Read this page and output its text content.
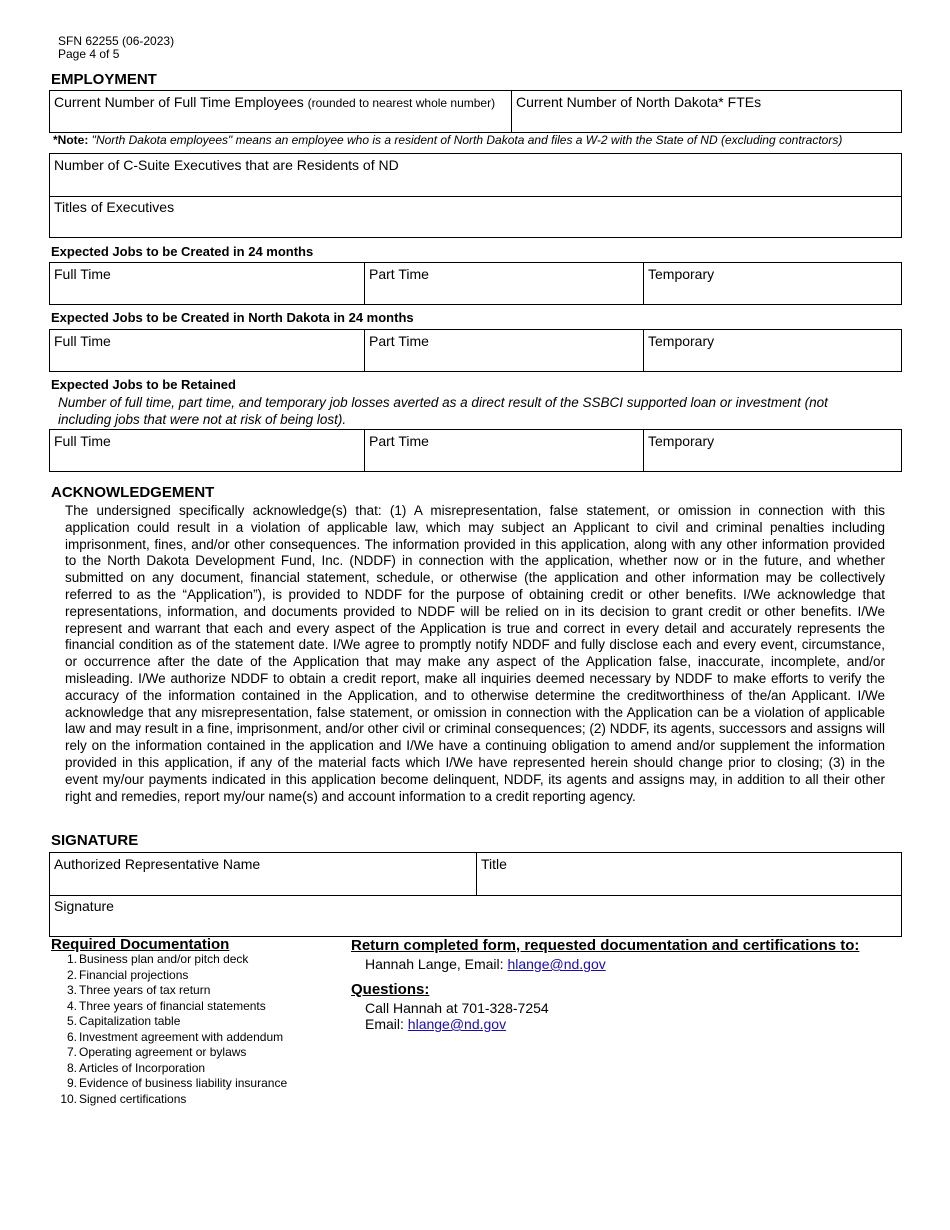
SFN 62255 (06-2023)
Page 4 of 5
EMPLOYMENT
Current Number of Full Time Employees (rounded to nearest whole number)	Current Number of North Dakota* FTEs
*Note: "North Dakota employees" means an employee who is a resident of North Dakota and files a W-2 with the State of ND (excluding contractors)
Number of C-Suite Executives that are Residents of ND
Titles of Executives
Expected Jobs to be Created in 24 months
Full Time	Part Time	Temporary
Expected Jobs to be Created in North Dakota in 24 months
Full Time	Part Time	Temporary
Expected Jobs to be Retained
Number of full time, part time, and temporary job losses averted as a direct result of the SSBCI supported loan or investment (not including jobs that were not at risk of being lost).
Full Time	Part Time	Temporary
ACKNOWLEDGEMENT
The undersigned specifically acknowledge(s) that: (1) A misrepresentation, false statement, or omission in connection with this application could result in a violation of applicable law, which may subject an Applicant to civil and criminal penalties including imprisonment, fines, and/or other consequences. The information provided in this application, along with any other information provided to the North Dakota Development Fund, Inc. (NDDF) in connection with the application, whether now or in the future, and whether submitted on any document, financial statement, schedule, or otherwise (the application and other information may be collectively referred to as the “Application”), is provided to NDDF for the purpose of obtaining credit or other benefits. I/We acknowledge that representations, information, and documents provided to NDDF will be relied on in its decision to grant credit or other benefits. I/We represent and warrant that each and every aspect of the Application is true and correct in every detail and accurately represents the financial condition as of the statement date. I/We agree to promptly notify NDDF and fully disclose each and every event, circumstance, or occurrence after the date of the Application that may make any aspect of the Application false, inaccurate, incomplete, and/or misleading. I/We authorize NDDF to obtain a credit report, make all inquiries deemed necessary by NDDF to make efforts to verify the accuracy of the information contained in the Application, and to otherwise determine the creditworthiness of the/an Applicant. I/We acknowledge that any misrepresentation, false statement, or omission in connection with the Application can be a violation of applicable law and may result in a fine, imprisonment, and/or other civil or criminal consequences; (2) NDDF, its agents, successors and assigns will rely on the information contained in the application and I/We have a continuing obligation to amend and/or supplement the information provided in this application, if any of the material facts which I/We have represented herein should change prior to closing; (3) in the event my/our payments indicated in this application become delinquent, NDDF, its agents and assigns may, in addition to all their other right and remedies, report my/our name(s) and account information to a credit reporting agency.
SIGNATURE
Authorized Representative Name	Title
Signature
Required Documentation
1. Business plan and/or pitch deck
2. Financial projections
3. Three years of tax return
4. Three years of financial statements
5. Capitalization table
6. Investment agreement with addendum
7. Operating agreement or bylaws
8. Articles of Incorporation
9. Evidence of business liability insurance
10. Signed certifications
Return completed form, requested documentation and certifications to:
Hannah Lange, Email: hlange@nd.gov
Questions:
Call Hannah at 701-328-7254
Email: hlange@nd.gov
